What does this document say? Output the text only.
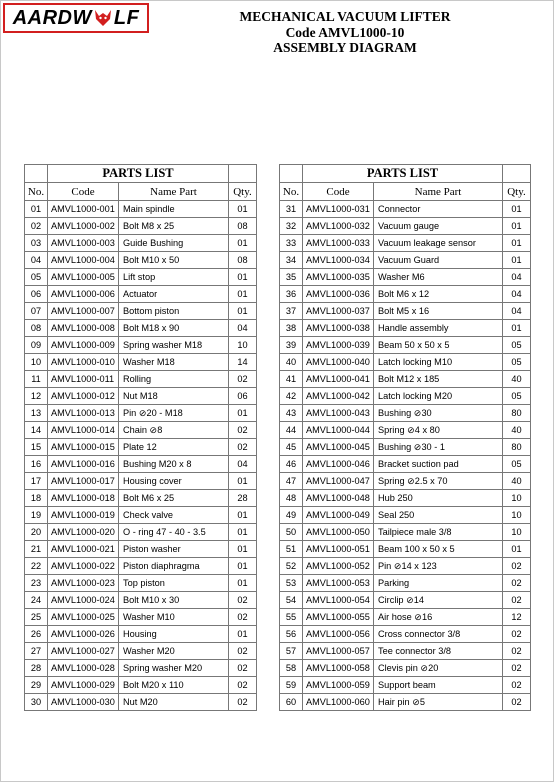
AARD W LF	MECHANICAL VACUUM LIFTER
Code AMVL1000-10
ASSEMBLY DIAGRAM
	PARTS LIST		
No.	Code	Name Part	Qty.
01	AMVL1000-001	Main spindle	01
02	AMVL1000-002	Bolt M8 x 25	08
03	AMVL1000-003	Guide Bushing	01
04	AMVL1000-004	Bolt M10 x 50	08
05	AMVL1000-005	Lift stop	01
06	AMVL1000-006	Actuator	01
07	AMVL1000-007	Bottom piston	01
08	AMVL1000-008	Bolt M18 x 90	04
09	AMVL1000-009	Spring washer M18	10
10	AMVL1000-010	Washer M18	14
11	AMVL1000-011	Rolling	02
12	AMVL1000-012	Nut M18	06
13	AMVL1000-013	Pin ⊘20 - M18	01
14	AMVL1000-014	Chain ⊘8	02
15	AMVL1000-015	Plate 12	02
16	AMVL1000-016	Bushing M20 x 8	04
17	AMVL1000-017	Housing cover	01
18	AMVL1000-018	Bolt M6 x 25	28
19	AMVL1000-019	Check valve	01
20	AMVL1000-020	O - ring 47 - 40 - 3.5	01
21	AMVL1000-021	Piston washer	01
22	AMVL1000-022	Piston diaphragma	01
23	AMVL1000-023	Top piston	01
24	AMVL1000-024	Bolt M10 x 30	02
25	AMVL1000-025	Washer M10	02
26	AMVL1000-026	Housing	01
27	AMVL1000-027	Washer M20	02
28	AMVL1000-028	Spring washer M20	02
29	AMVL1000-029	Bolt M20 x 110	02
30	AMVL1000-030	Nut M20	02
	PARTS LIST		
No.	Code	Name Part	Qty.
31	AMVL1000-031	Connector	01
32	AMVL1000-032	Vacuum gauge	01
33	AMVL1000-033	Vacuum leakage sensor	01
34	AMVL1000-034	Vacuum Guard	01
35	AMVL1000-035	Washer M6	04
36	AMVL1000-036	Bolt M6 x 12	04
37	AMVL1000-037	Bolt M5 x 16	04
38	AMVL1000-038	Handle assembly	01
39	AMVL1000-039	Beam 50 x 50 x 5	05
40	AMVL1000-040	Latch locking M10	05
41	AMVL1000-041	Bolt M12 x 185	40
42	AMVL1000-042	Latch locking M20	05
43	AMVL1000-043	Bushing ⊘30	80
44	AMVL1000-044	Spring ⊘4 x 80	40
45	AMVL1000-045	Bushing ⊘30 - 1	80
46	AMVL1000-046	Bracket suction pad	05
47	AMVL1000-047	Spring ⊘2.5 x 70	40
48	AMVL1000-048	Hub 250	10
49	AMVL1000-049	Seal 250	10
50	AMVL1000-050	Tailpiece male 3/8	10
51	AMVL1000-051	Beam 100 x 50 x 5	01
52	AMVL1000-052	Pin ⊘14 x 123	02
53	AMVL1000-053	Parking	02
54	AMVL1000-054	Circlip ⊘14	02
55	AMVL1000-055	Air hose ⊘16	12
56	AMVL1000-056	Cross connector 3/8	02
57	AMVL1000-057	Tee connector 3/8	02
58	AMVL1000-058	Clevis pin ⊘20	02
59	AMVL1000-059	Support beam	02
60	AMVL1000-060	Hair pin ⊘5	02
